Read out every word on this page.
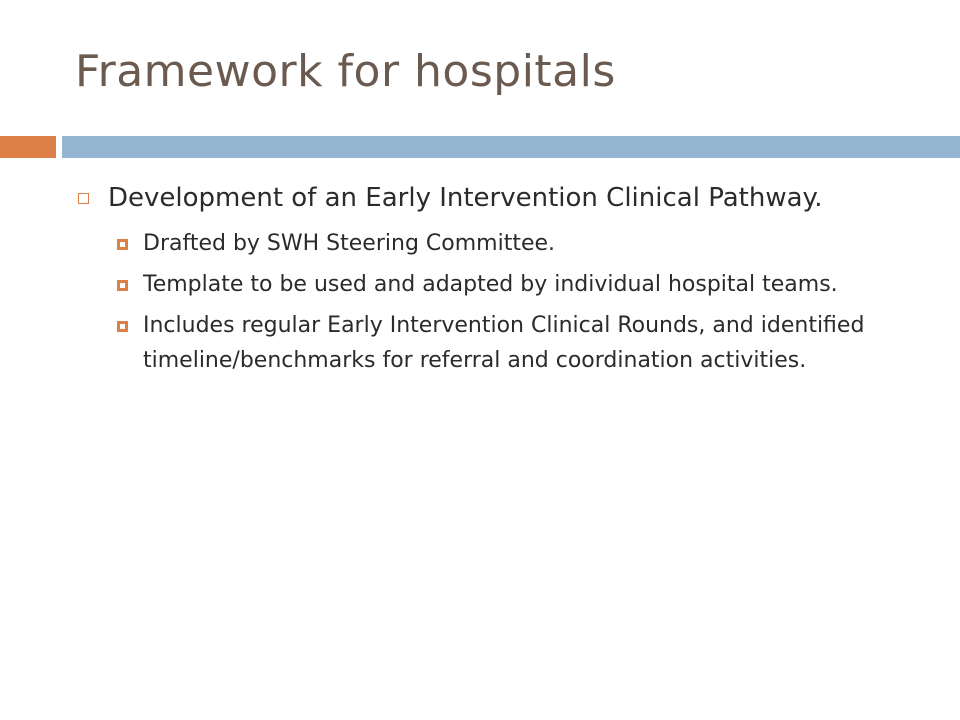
Framework for hospitals
Development of an Early Intervention Clinical Pathway.
Drafted by SWH Steering Committee.
Template to be used and adapted by individual hospital teams.
Includes regular Early Intervention Clinical Rounds, and identified timeline/benchmarks for referral and coordination activities.
